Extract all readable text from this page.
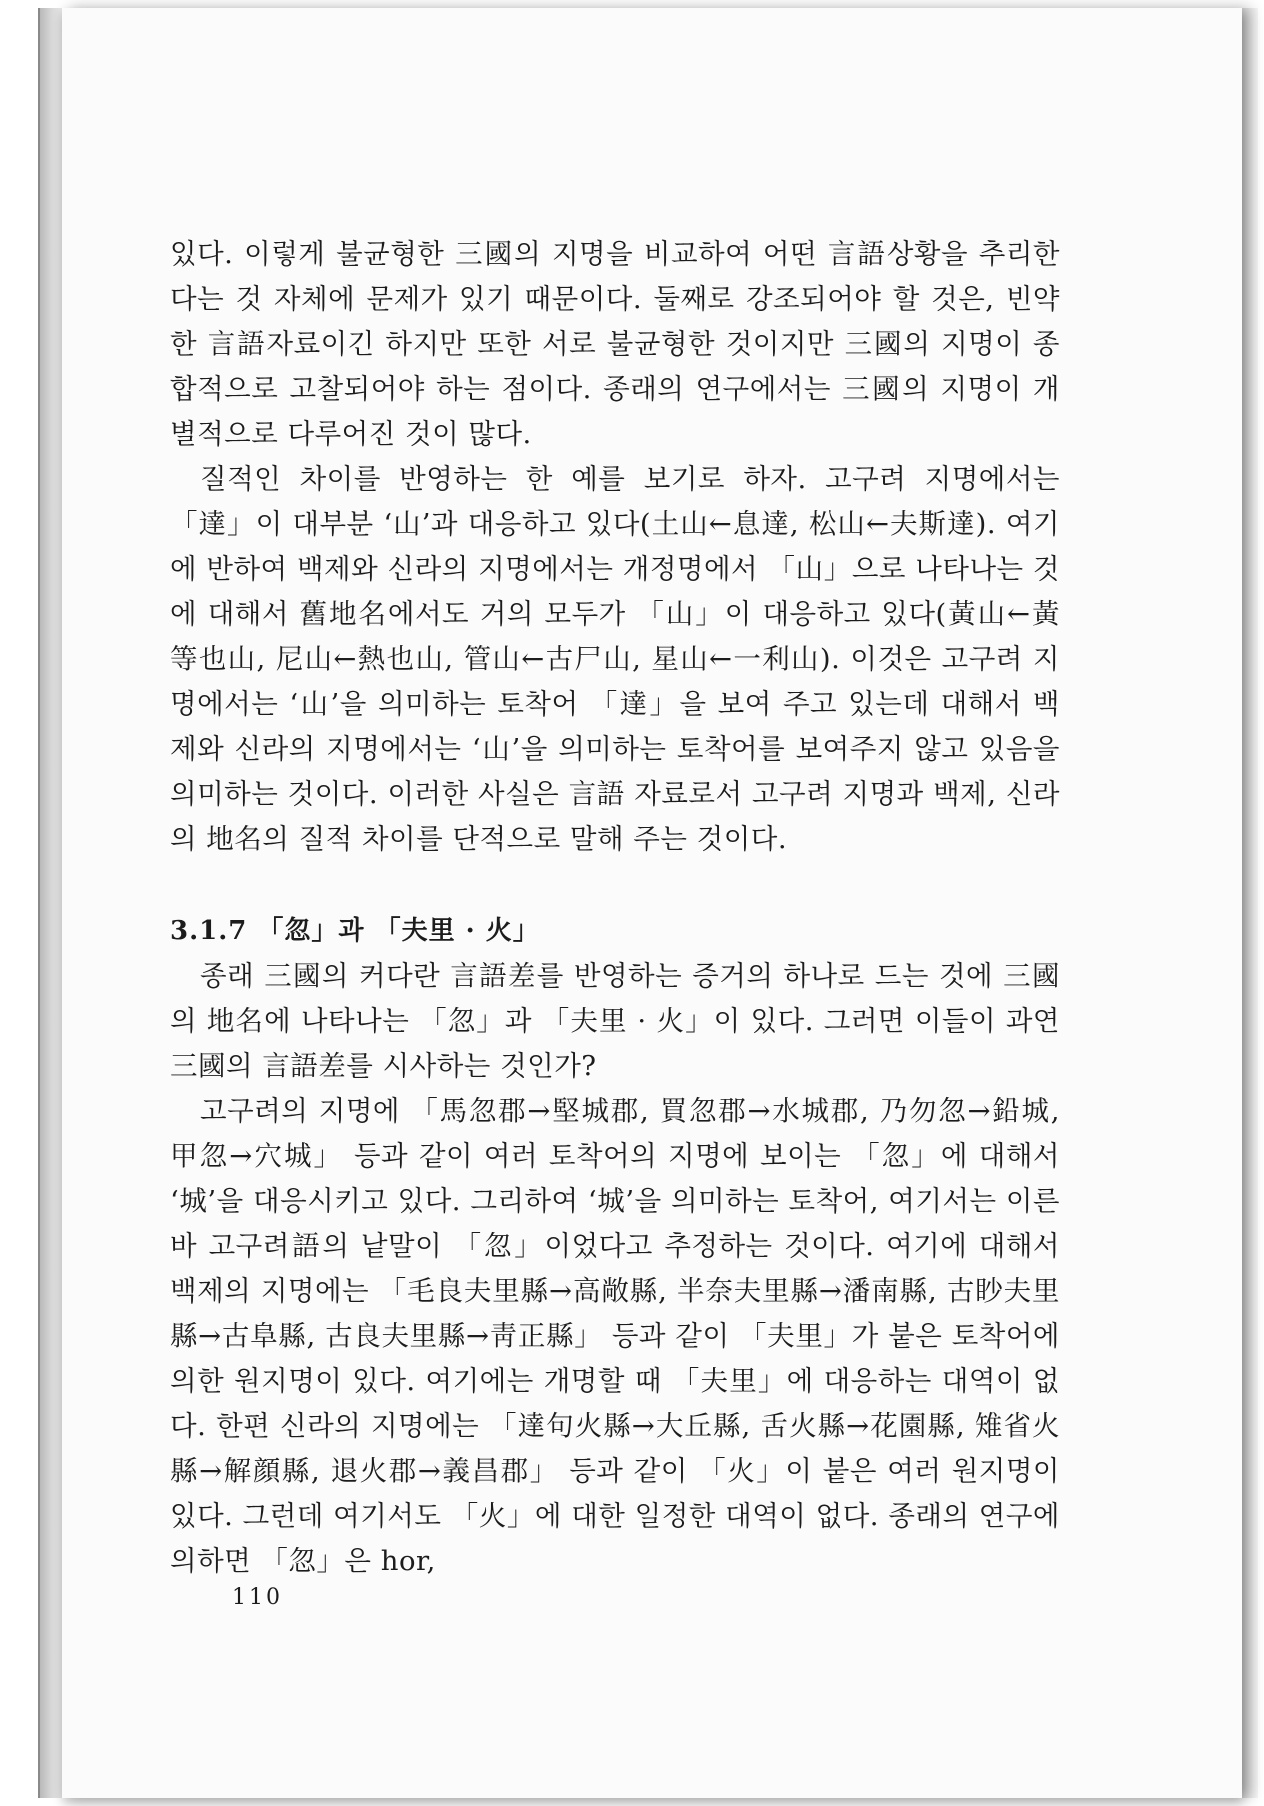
있다. 이렇게 불균형한 三國의 지명을 비교하여 어떤 言語상황을 추리한다는 것 자체에 문제가 있기 때문이다. 둘째로 강조되어야 할 것은, 빈약한 言語자료이긴 하지만 또한 서로 불균형한 것이지만 三國의 지명이 종합적으로 고찰되어야 하는 점이다. 종래의 연구에서는 三國의 지명이 개별적으로 다루어진 것이 많다.

질적인 차이를 반영하는 한 예를 보기로 하자. 고구려 지명에서는 「達」이 대부분 ‘山’과 대응하고 있다(土山←息達, 松山←夫斯達). 여기에 반하여 백제와 신라의 지명에서는 개정명에서 「山」으로 나타나는 것에 대해서 舊地名에서도 거의 모두가 「山」이 대응하고 있다(黃山←黃等也山, 尼山←熱也山, 管山←古尸山, 星山←一利山). 이것은 고구려 지명에서는 ‘山’을 의미하는 토착어 「達」을 보여 주고 있는데 대해서 백제와 신라의 지명에서는 ‘山’을 의미하는 토착어를 보여주지 않고 있음을 의미하는 것이다. 이러한 사실은 言語 자료로서 고구려 지명과 백제, 신라의 地名의 질적 차이를 단적으로 말해 주는 것이다.

3.1.7 「忽」과 「夫里 · 火」

종래 三國의 커다란 言語差를 반영하는 증거의 하나로 드는 것에 三國의 地名에 나타나는 「忽」과 「夫里 · 火」이 있다. 그러면 이들이 과연 三國의 言語差를 시사하는 것인가?

고구려의 지명에 「馬忽郡→堅城郡, 買忽郡→水城郡, 乃勿忽→鉛城, 甲忽→穴城」 등과 같이 여러 토착어의 지명에 보이는 「忽」에 대해서 ‘城’을 대응시키고 있다. 그리하여 ‘城’을 의미하는 토착어, 여기서는 이른바 고구려語의 낱말이 「忽」이었다고 추정하는 것이다. 여기에 대해서 백제의 지명에는 「毛良夫里縣→高敞縣, 半奈夫里縣→潘南縣, 古眇夫里縣→古阜縣, 古良夫里縣→靑正縣」 등과 같이 「夫里」가 붙은 토착어에 의한 원지명이 있다. 여기에는 개명할 때 「夫里」에 대응하는 대역이 없다. 한편 신라의 지명에는 「達句火縣→大丘縣, 舌火縣→花園縣, 雉省火縣→解顔縣, 退火郡→義昌郡」 등과 같이 「火」이 붙은 여러 원지명이 있다. 그런데 여기서도 「火」에 대한 일정한 대역이 없다. 종래의 연구에 의하면 「忽」은 hor,

110
